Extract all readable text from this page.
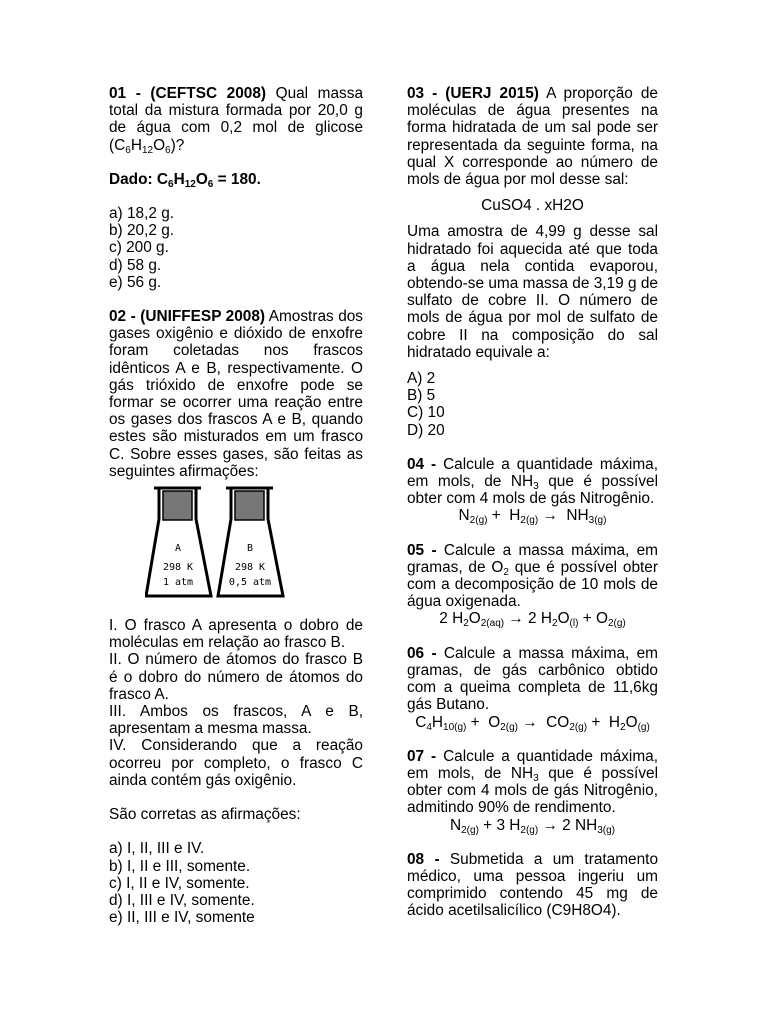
01 - (CEFTSC 2008) Qual massa total da mistura formada por 20,0 g de água com 0,2 mol de glicose $(C_6H_{12}O_6)$?

Dado: $C_6H_{12}O_6 = 180$.

a) 18,2 g.
b) 20,2 g.
c) 200 g.
d) 58 g.
e) 56 g.

02 - (UNIFFESP 2008) Amostras dos gases oxigênio e dióxido de enxofre foram coletadas nos frascos idênticos A e B, respectivamente. O gás trióxido de enxofre pode se formar se ocorrer uma reação entre os gases dos frascos A e B, quando estes são misturados em um frasco C. Sobre esses gases, são feitas as seguintes afirmações:

A
298 K
1 atm
B
298 K
0,5 atm

I. O frasco A apresenta o dobro de moléculas em relação ao frasco B.

II. O número de átomos do frasco B é o dobro do número de átomos do frasco A.

III. Ambos os frascos, A e B, apresentam a mesma massa.

IV. Considerando que a reação ocorreu por completo, o frasco C ainda contém gás oxigênio.

São corretas as afirmações:

a) I, II, III e IV.
b) I, II e III, somente.
c) I, II e IV, somente.
d) I, III e IV, somente.
e) II, III e IV, somente

03 - (UERJ 2015) A proporção de moléculas de água presentes na forma hidratada de um sal pode ser representada da seguinte forma, na qual X corresponde ao número de mols de água por mol desse sal:

CuSO4 . xH2O

Uma amostra de 4,99 g desse sal hidratado foi aquecida até que toda a água nela contida evaporou, obtendo-se uma massa de 3,19 g de sulfato de cobre II. O número de mols de água por mol de sulfato de cobre II na composição do sal hidratado equivale a:

A) 2
B) 5
C) 10
D) 20

04 - Calcule a quantidade máxima, em mols, de $NH_3$ que é possível obter com 4 mols de gás Nitrogênio.

$N_{2(g)} + H_{2(g)} \to NH_{3(g)}$

05 - Calcule a massa máxima, em gramas, de $O_2$ que é possível obter com a decomposição de 10 mols de água oxigenada.

2 $H_2O_{2(aq)} \to 2$ $H_2O_{(l)} + O_{2(g)}$

06 - Calcule a massa máxima, em gramas, de gás carbônico obtido com a queima completa de 11,6kg gás Butano.

$C_4H_{10(g)} + O_{2(g)} \to CO_{2(g)} + H_2O_{(g)}$

07 - Calcule a quantidade máxima, em mols, de $NH_3$ que é possível obter com 4 mols de gás Nitrogênio, admitindo 90% de rendimento.

$N_{2(g)} + 3$ $H_{2(g)} \to 2$ $NH_{3(g)}$

08 - Submetida a um tratamento médico, uma pessoa ingeriu um comprimido contendo 45 mg de ácido acetilsalicílico (C9H8O4).
